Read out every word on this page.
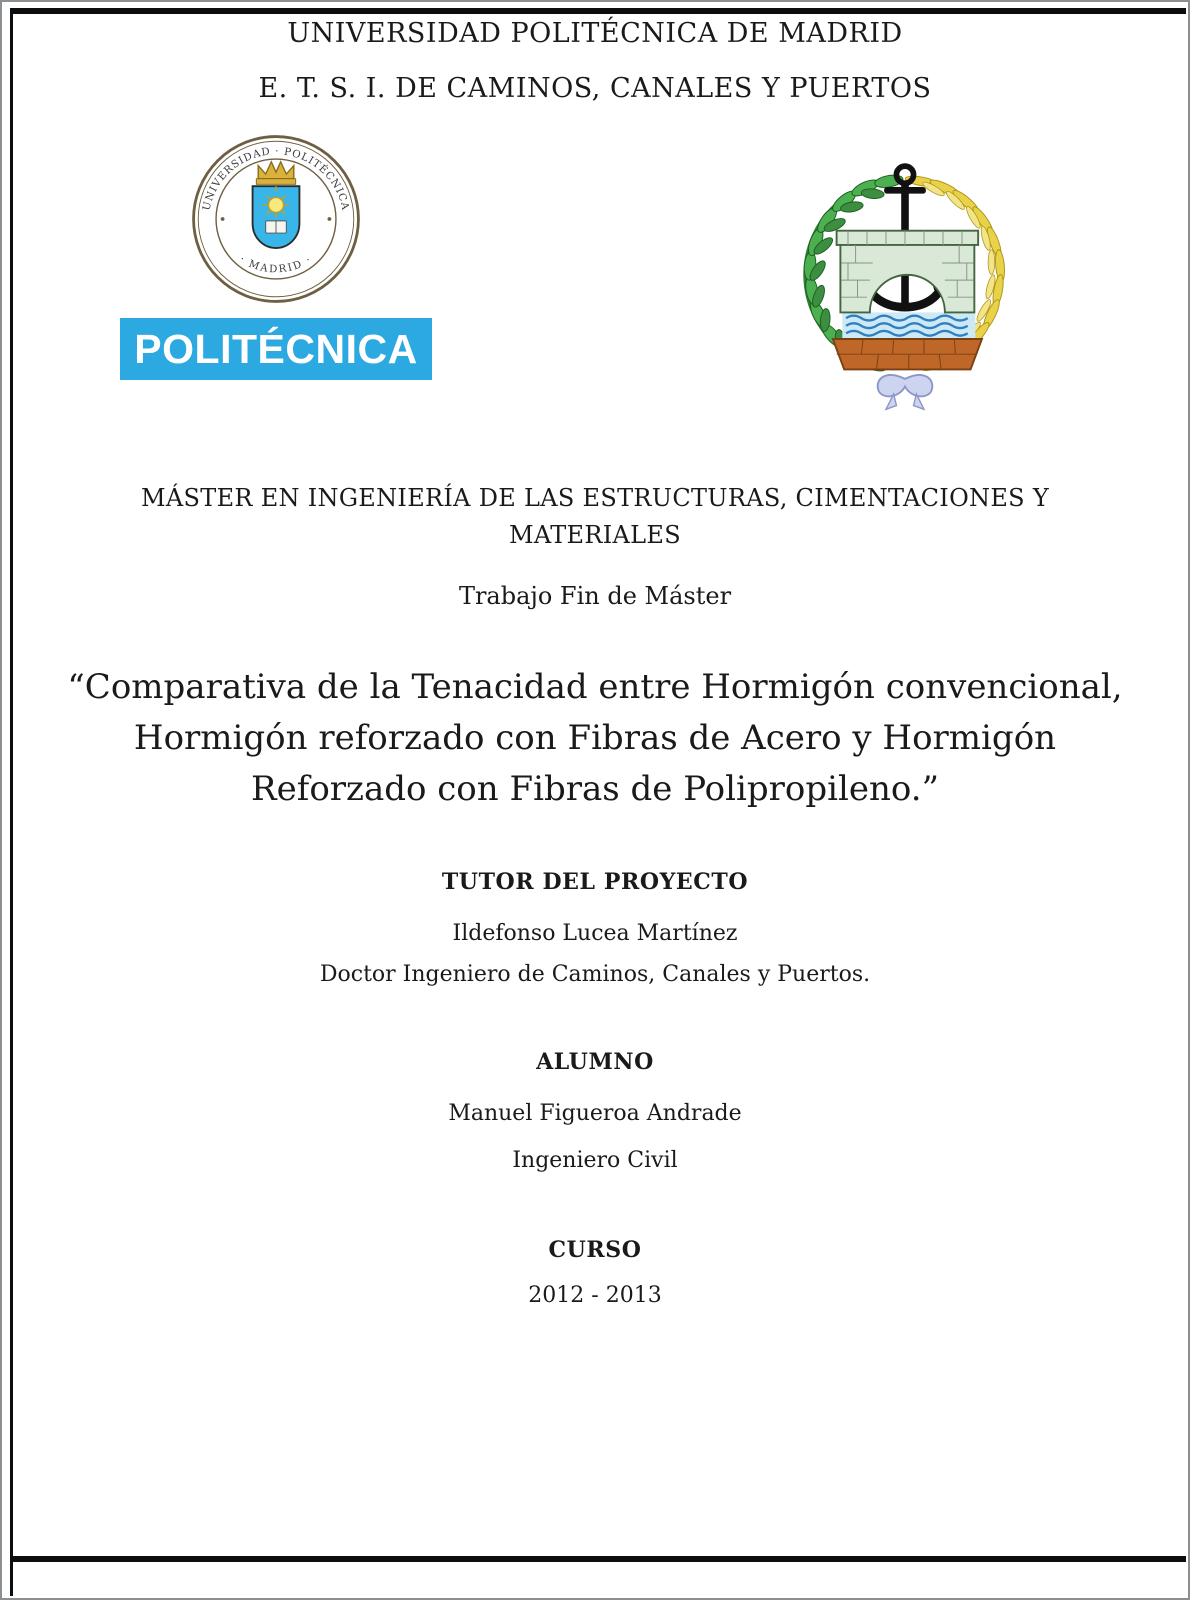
UNIVERSIDAD POLITÉCNICA DE MADRID
E. T. S. I. DE CAMINOS, CANALES Y PUERTOS
UNIVERSIDAD · POLITÉCNICA
· MADRID ·
POLITÉCNICA
MÁSTER EN INGENIERÍA DE LAS ESTRUCTURAS, CIMENTACIONES Y
MATERIALES
Trabajo Fin de Máster
“Comparativa de la Tenacidad entre Hormigón convencional,
Hormigón reforzado con Fibras de Acero y Hormigón
Reforzado con Fibras de Polipropileno.”
TUTOR DEL PROYECTO
Ildefonso Lucea Martínez
Doctor Ingeniero de Caminos, Canales y Puertos.
ALUMNO
Manuel Figueroa Andrade
Ingeniero Civil
CURSO
2012 - 2013
